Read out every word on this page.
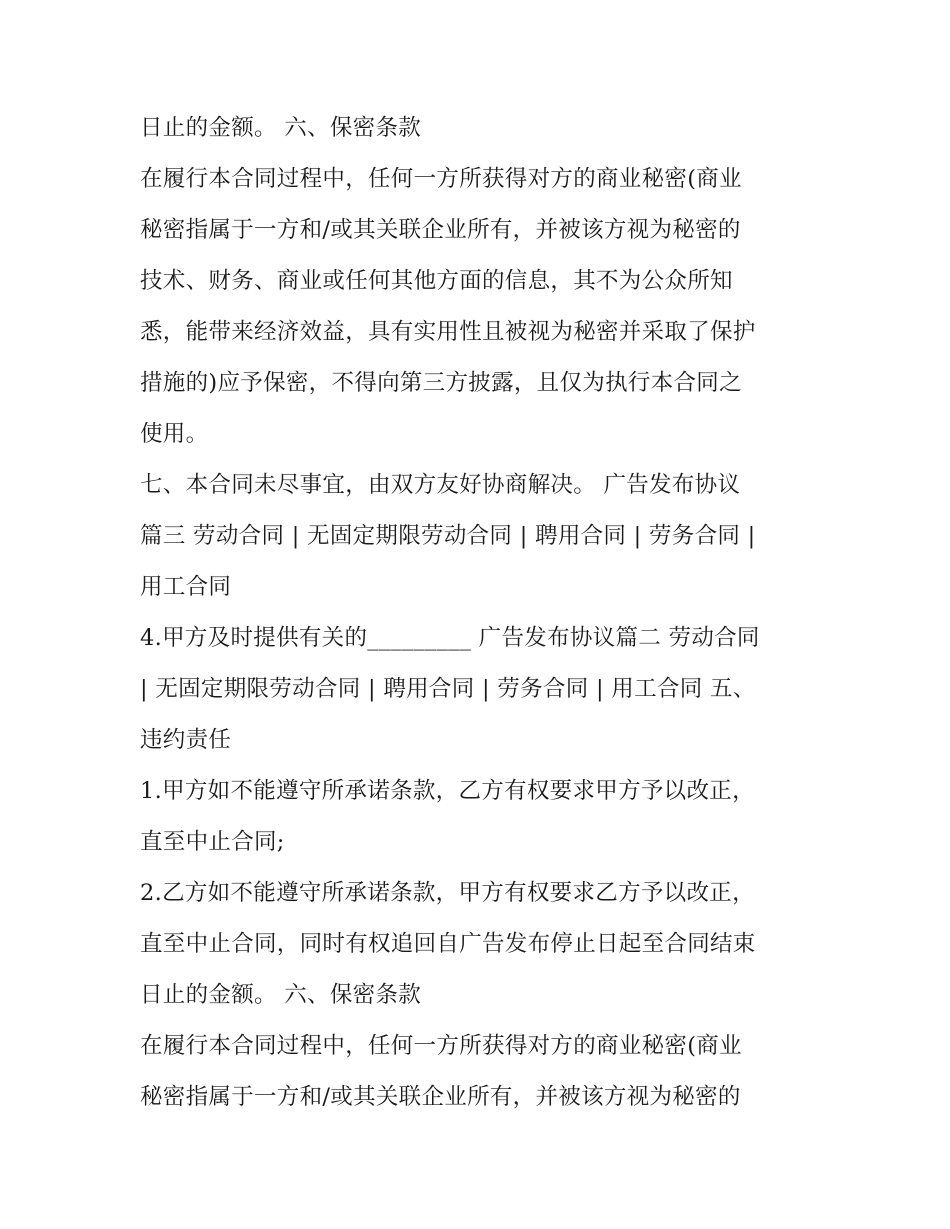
日止的金额。 六、保密条款
在履行本合同过程中，任何一方所获得对方的商业秘密(商业
秘密指属于一方和/或其关联企业所有，并被该方视为秘密的
技术、财务、商业或任何其他方面的信息，其不为公众所知
悉，能带来经济效益，具有实用性且被视为秘密并采取了保护
措施的)应予保密，不得向第三方披露，且仅为执行本合同之
使用。
七、本合同未尽事宜，由双方友好协商解决。 广告发布协议
篇三 劳动合同 | 无固定期限劳动合同 | 聘用合同 | 劳务合同 |
用工合同
4.甲方及时提供有关的_________ 广告发布协议篇二 劳动合同
| 无固定期限劳动合同 | 聘用合同 | 劳务合同 | 用工合同 五、
违约责任
1.甲方如不能遵守所承诺条款，乙方有权要求甲方予以改正，
直至中止合同;
2.乙方如不能遵守所承诺条款，甲方有权要求乙方予以改正，
直至中止合同，同时有权追回自广告发布停止日起至合同结束
日止的金额。 六、保密条款
在履行本合同过程中，任何一方所获得对方的商业秘密(商业
秘密指属于一方和/或其关联企业所有，并被该方视为秘密的
